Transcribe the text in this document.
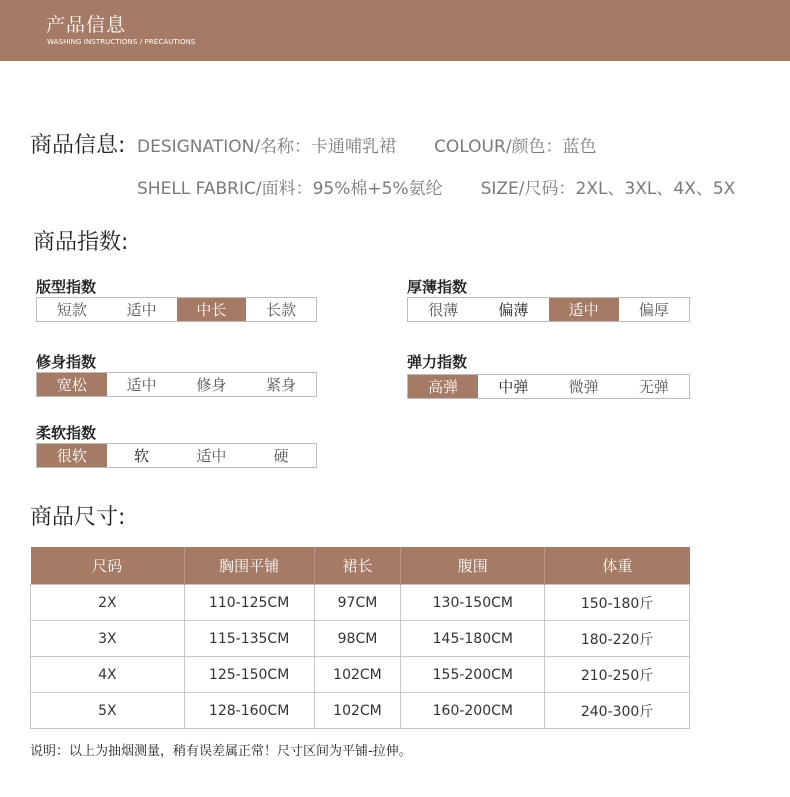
产品信息
WASHING INSTRUCTIONS / PRECAUTIONS
商品信息: DESIGNATION/名称：卡通哺乳裙 COLOUR/颜色：蓝色
SHELL FABRIC/面料：95%棉+5%氨纶 SIZE/尺码：2XL、3XL、4X、5X
商品指数:
版型指数
短款	适中	中长	长款
厚薄指数
很薄	偏薄	适中	偏厚
修身指数
宽松	适中	修身	紧身
弹力指数
高弹	中弹	微弹	无弹
柔软指数
很软	软	适中	硬
商品尺寸:
尺码	胸围平铺	裙长	腹围	体重
2X	110-125CM	97CM	130-150CM	150-180斤
3X	115-135CM	98CM	145-180CM	180-220斤
4X	125-150CM	102CM	155-200CM	210-250斤
5X	128-160CM	102CM	160-200CM	240-300斤
说明：以上为抽烟测量，稍有误差属正常！尺寸区间为平铺-拉伸。
